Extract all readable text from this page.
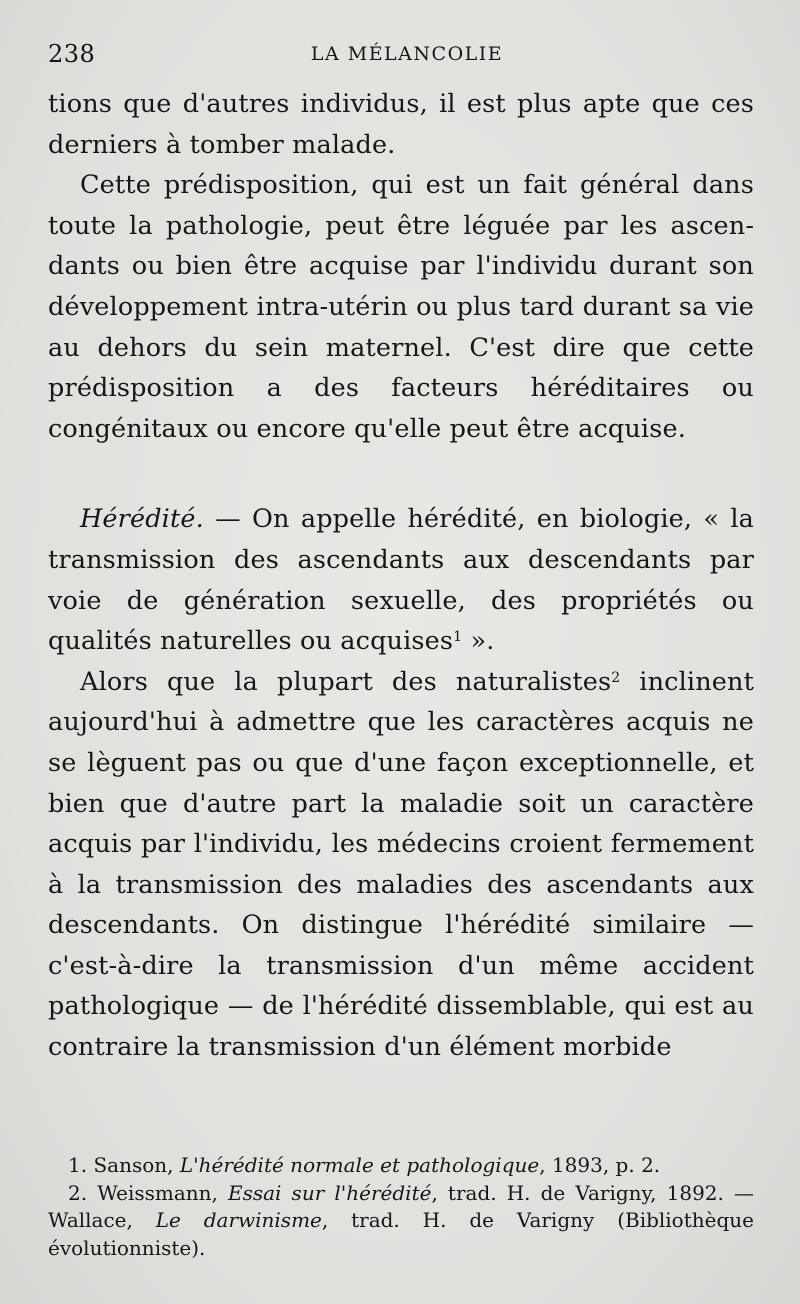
238	LA MÉLANCOLIE

tions que d'autres individus, il est plus apte que ces derniers à tomber malade.

Cette prédisposition, qui est un fait général dans toute la pathologie, peut être léguée par les ascendants ou bien être acquise par l'individu durant son développement intra-utérin ou plus tard durant sa vie au dehors du sein maternel. C'est dire que cette prédisposition a des facteurs héréditaires ou congénitaux ou encore qu'elle peut être acquise.

Hérédité. — On appelle hérédité, en biologie, « la transmission des ascendants aux descendants par voie de génération sexuelle, des propriétés ou qualités naturelles ou acquises$^1$ ».

Alors que la plupart des naturalistes$^2$ inclinent aujourd'hui à admettre que les caractères acquis ne se lèguent pas ou que d'une façon exceptionnelle, et bien que d'autre part la maladie soit un caractère acquis par l'individu, les médecins croient fermement à la transmission des maladies des ascendants aux descendants. On distingue l'hérédité similaire — c'est-à-dire la transmission d'un même accident pathologique — de l'hérédité dissemblable, qui est au contraire la transmission d'un élément morbide

1. Sanson, L'hérédité normale et pathologique, 1893, p. 2.

2. Weissmann, Essai sur l'hérédité, trad. H. de Varigny, 1892. — Wallace, Le darwinisme, trad. H. de Varigny (Bibliothèque évolutionniste).
